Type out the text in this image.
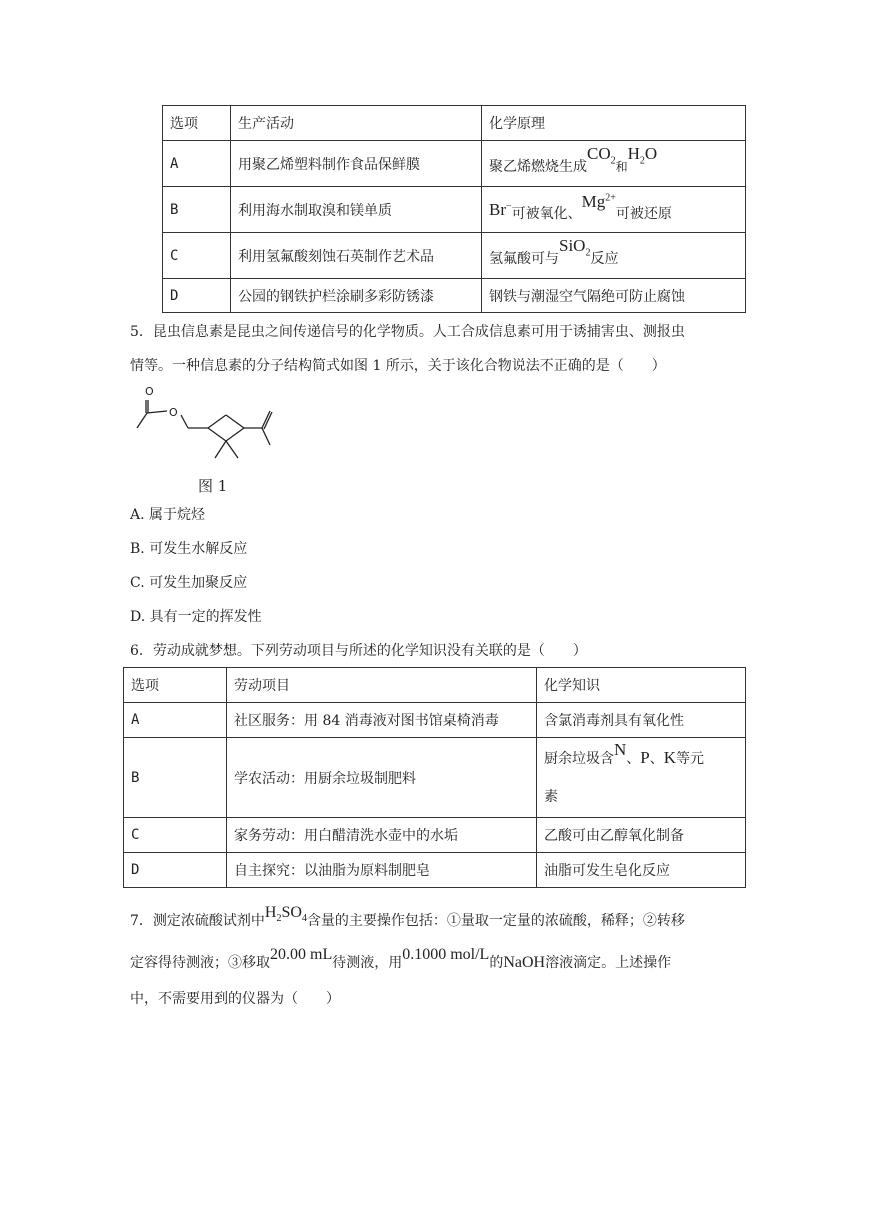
选项	生产活动	化学原理
A	用聚乙烯塑料制作食品保鲜膜	聚乙烯燃烧生成$CO_2$和$H_2O$
B	利用海水制取溴和镁单质	Br−可被氧化、$Mg^{2+}$可被还原
C	利用氢氟酸刻蚀石英制作艺术品	氢氟酸可与SiO$_2$反应
D	公园的钢铁护栏涂刷多彩防锈漆	钢铁与潮湿空气隔绝可防止腐蚀
5．昆虫信息素是昆虫之间传递信号的化学物质。人工合成信息素可用于诱捕害虫、测报虫
情等。一种信息素的分子结构简式如图 1 所示，关于该化合物说法不正确的是（　　）
O
O
图 1
A. 属于烷烃
B. 可发生水解反应
C. 可发生加聚反应
D. 具有一定的挥发性
6．劳动成就梦想。下列劳动项目与所述的化学知识没有关联的是（　　）
选项	劳动项目	化学知识
A	社区服务：用 84 消毒液对图书馆桌椅消毒	含氯消毒剂具有氧化性
B	学农活动：用厨余垃圾制肥料	厨余垃圾含N、P、K等元
素
C	家务劳动：用白醋清洗水壶中的水垢	乙酸可由乙醇氧化制备
D	自主探究：以油脂为原料制肥皂	油脂可发生皂化反应
7．测定浓硫酸试剂中$H_2SO_4$含量的主要操作包括：①量取一定量的浓硫酸，稀释；②转移
定容得待测液；③移取20.00 mL待测液，用0.1000 mol/L的NaOH溶液滴定。上述操作
中，不需要用到的仪器为（　　）
